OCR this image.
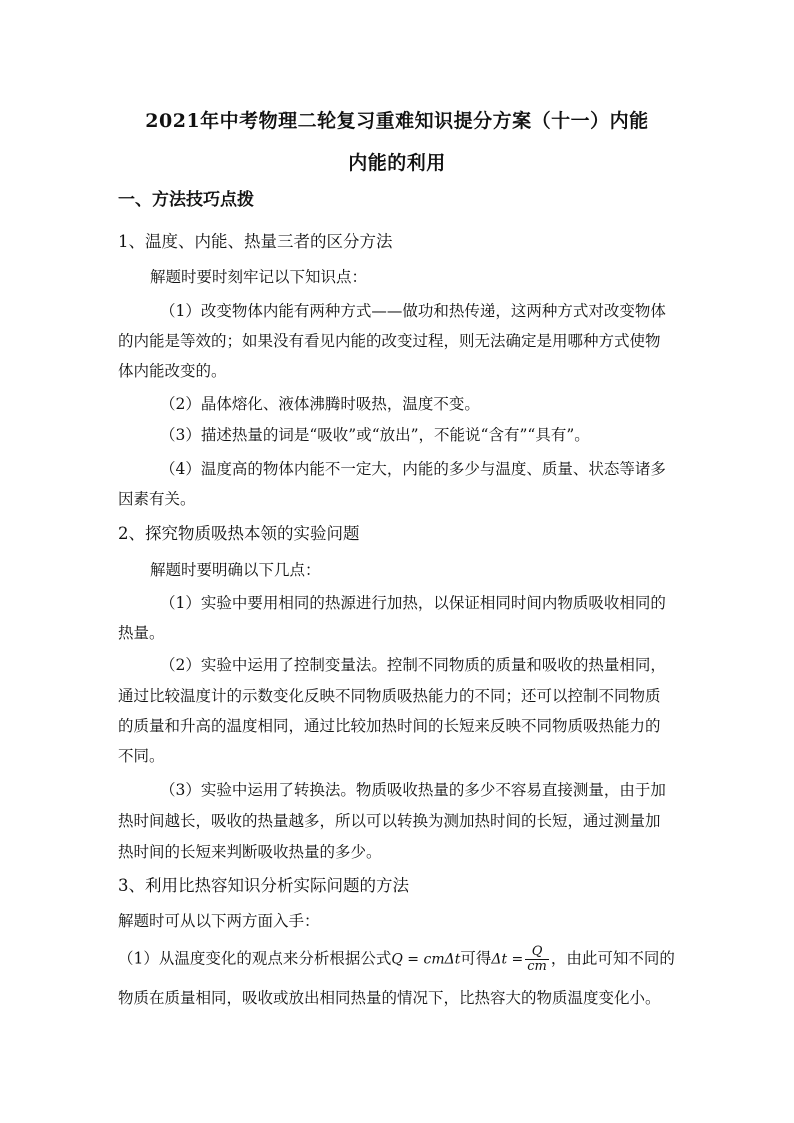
2021年中考物理二轮复习重难知识提分方案（十一）内能
内能的利用
一、方法技巧点拨
1、温度、内能、热量三者的区分方法
解题时要时刻牢记以下知识点：
（1）改变物体内能有两种方式——做功和热传递，这两种方式对改变物体
的内能是等效的；如果没有看见内能的改变过程，则无法确定是用哪种方式使物
体内能改变的。
（2）晶体熔化、液体沸腾时吸热，温度不变。
（3）描述热量的词是“吸收”或“放出”，不能说“含有”“具有”。
（4）温度高的物体内能不一定大，内能的多少与温度、质量、状态等诸多
因素有关。
2、探究物质吸热本领的实验问题
解题时要明确以下几点：
（1）实验中要用相同的热源进行加热，以保证相同时间内物质吸收相同的
热量。
（2）实验中运用了控制变量法。控制不同物质的质量和吸收的热量相同，
通过比较温度计的示数变化反映不同物质吸热能力的不同；还可以控制不同物质
的质量和升高的温度相同，通过比较加热时间的长短来反映不同物质吸热能力的
不同。
（3）实验中运用了转换法。物质吸收热量的多少不容易直接测量，由于加
热时间越长，吸收的热量越多，所以可以转换为测加热时间的长短，通过测量加
热时间的长短来判断吸收热量的多少。
3、利用比热容知识分析实际问题的方法
解题时可从以下两方面入手：
（1）从温度变化的观点来分析根据公式Q = cmΔt可得$\Delta t = \frac{Q}{cm}$ ，由此可知不同的
物质在质量相同，吸收或放出相同热量的情况下，比热容大的物质温度变化小。
